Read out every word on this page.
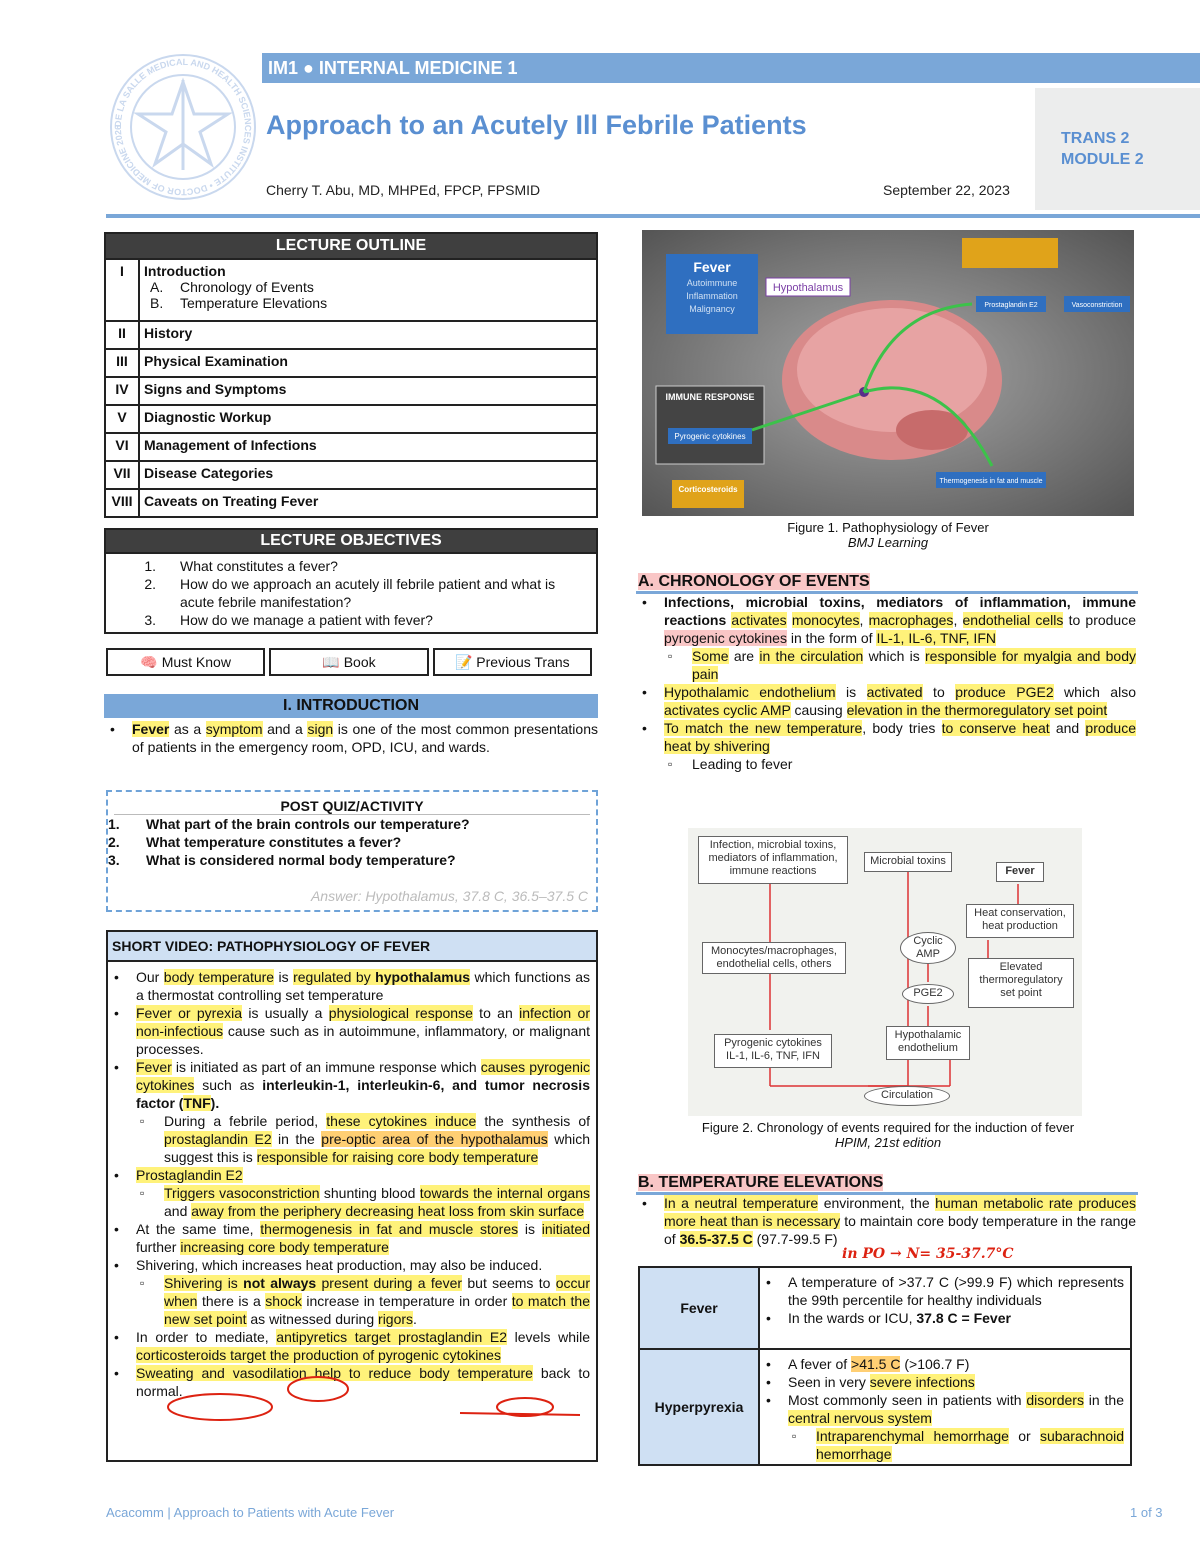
DE LA SALLE MEDICAL AND HEALTH SCIENCES INSTITUTE • DOCTOR OF MEDICINE 2026
IM1 ● INTERNAL MEDICINE 1
Approach to an Acutely Ill Febrile Patients
Cherry T. Abu, MD, MHPEd, FPCP, FPSMID	September 22, 2023
TRANS 2
MODULE 2
LECTURE OUTLINE
I	Introduction
A. Chronology of Events
B. Temperature Elevations
II	History
III	Physical Examination
IV	Signs and Symptoms
V	Diagnostic Workup
VI	Management of Infections
VII Disease Categories
VIII Caveats on Treating Fever
LECTURE OBJECTIVES
1.	What constitutes a fever?
2.	How do we approach an acutely ill febrile patient and what is acute febrile manifestation?
3.	How do we manage a patient with fever?
🧠 Must Know	📖 Book	📝 Previous Trans
I. INTRODUCTION
• Fever as a symptom and a sign is one of the most common presentations of patients in the emergency room, OPD, ICU, and wards.
POST QUIZ/ACTIVITY
1.	What part of the brain controls our temperature?
2.	What temperature constitutes a fever?
3.	What is considered normal body temperature?
Answer: Hypothalamus, 37.8 C, 36.5–37.5 C
SHORT VIDEO: PATHOPHYSIOLOGY OF FEVER
• Our body temperature is regulated by hypothalamus which functions as a thermostat controlling set temperature
• Fever or pyrexia is usually a physiological response to an infection or non-infectious cause such as in autoimmune, inflammatory, or malignant processes.
• Fever is initiated as part of an immune response which causes pyrogenic cytokines such as interleukin-1, interleukin-6, and tumor necrosis factor (TNF).
▫ During a febrile period, these cytokines induce the synthesis of prostaglandin E2 in the pre-optic area of the hypothalamus which suggest this is responsible for raising core body temperature
• Prostaglandin E2
▫ Triggers vasoconstriction shunting blood towards the internal organs and away from the periphery decreasing heat loss from skin surface
• At the same time, thermogenesis in fat and muscle stores is initiated further increasing core body temperature
• Shivering, which increases heat production, may also be induced.
▫ Shivering is not always present during a fever but seems to occur when there is a shock increase in temperature in order to match the new set point as witnessed during rigors.
• In order to mediate, antipyretics target prostaglandin E2 levels while corticosteroids target the production of pyrogenic cytokines
• Sweating and vasodilation help to reduce body temperature back to normal.
Fever
Autoimmune
Inflammation
Malignancy
Hypothalamus
IMMUNE RESPONSE
Pyrogenic cytokines
Corticosteroids
Prostaglandin E2	Vasoconstriction
Thermogenesis in fat and muscle
Figure 1. Pathophysiology of Fever
BMJ Learning
A. CHRONOLOGY OF EVENTS
• Infections, microbial toxins, mediators of inflammation, immune reactions activates monocytes, macrophages, endothelial cells to produce pyrogenic cytokines in the form of IL-1, IL-6, TNF, IFN
▫ Some are in the circulation which is responsible for myalgia and body pain
• Hypothalamic endothelium is activated to produce PGE2 which also activates cyclic AMP causing elevation in the thermoregulatory set point
• To match the new temperature, body tries to conserve heat and produce heat by shivering
▫ Leading to fever
Infection, microbial toxins, mediators of inflammation, immune reactions
Microbial toxins
Fever
Heat conservation, heat production
Monocytes/macrophages, endothelial cells, others
Cyclic AMP
Elevated thermoregulatory set point
PGE2
Hypothalamic endothelium
Pyrogenic cytokines IL-1, IL-6, TNF, IFN
Circulation
Figure 2. Chronology of events required for the induction of fever
HPIM, 21st edition
B. TEMPERATURE ELEVATIONS
• In a neutral temperature environment, the human metabolic rate produces more heat than is necessary to maintain core body temperature in the range of 36.5-37.5 C (97.7-99.5 F)
in PO → N= 35-37.7°C
Fever
• A temperature of >37.7 C (>99.9 F) which represents the 99th percentile for healthy individuals
• In the wards or ICU, 37.8 C = Fever
Hyperpyrexia
• A fever of >41.5 C (>106.7 F)
• Seen in very severe infections
• Most commonly seen in patients with disorders in the central nervous system
▫ Intraparenchymal hemorrhage or subarachnoid hemorrhage
Acacomm | Approach to Patients with Acute Fever	1 of 3
